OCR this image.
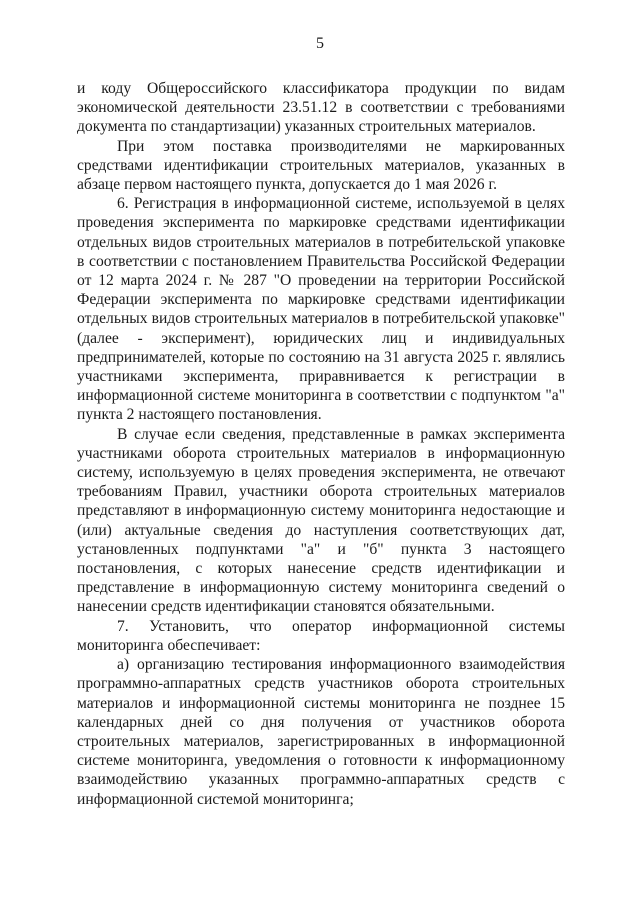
5

и коду Общероссийского классификатора продукции по видам экономической деятельности 23.51.12 в соответствии с требованиями документа по стандартизации) указанных строительных материалов.

При этом поставка производителями не маркированных средствами идентификации строительных материалов, указанных в абзаце первом настоящего пункта, допускается до 1 мая 2026 г.

6. Регистрация в информационной системе, используемой в целях проведения эксперимента по маркировке средствами идентификации отдельных видов строительных материалов в потребительской упаковке в соответствии с постановлением Правительства Российской Федерации от 12 марта 2024 г. № 287 "О проведении на территории Российской Федерации эксперимента по маркировке средствами идентификации отдельных видов строительных материалов в потребительской упаковке" (далее - эксперимент), юридических лиц и индивидуальных предпринимателей, которые по состоянию на 31 августа 2025 г. являлись участниками эксперимента, приравнивается к регистрации в информационной системе мониторинга в соответствии с подпунктом "а" пункта 2 настоящего постановления.

В случае если сведения, представленные в рамках эксперимента участниками оборота строительных материалов в информационную систему, используемую в целях проведения эксперимента, не отвечают требованиям Правил, участники оборота строительных материалов представляют в информационную систему мониторинга недостающие и (или) актуальные сведения до наступления соответствующих дат, установленных подпунктами "а" и "б" пункта 3 настоящего постановления, с которых нанесение средств идентификации и представление в информационную систему мониторинга сведений о нанесении средств идентификации становятся обязательными.

7. Установить, что оператор информационной системы мониторинга обеспечивает:

а) организацию тестирования информационного взаимодействия программно-аппаратных средств участников оборота строительных материалов и информационной системы мониторинга не позднее 15 календарных дней со дня получения от участников оборота строительных материалов, зарегистрированных в информационной системе мониторинга, уведомления о готовности к информационному взаимодействию указанных программно-аппаратных средств с информационной системой мониторинга;
